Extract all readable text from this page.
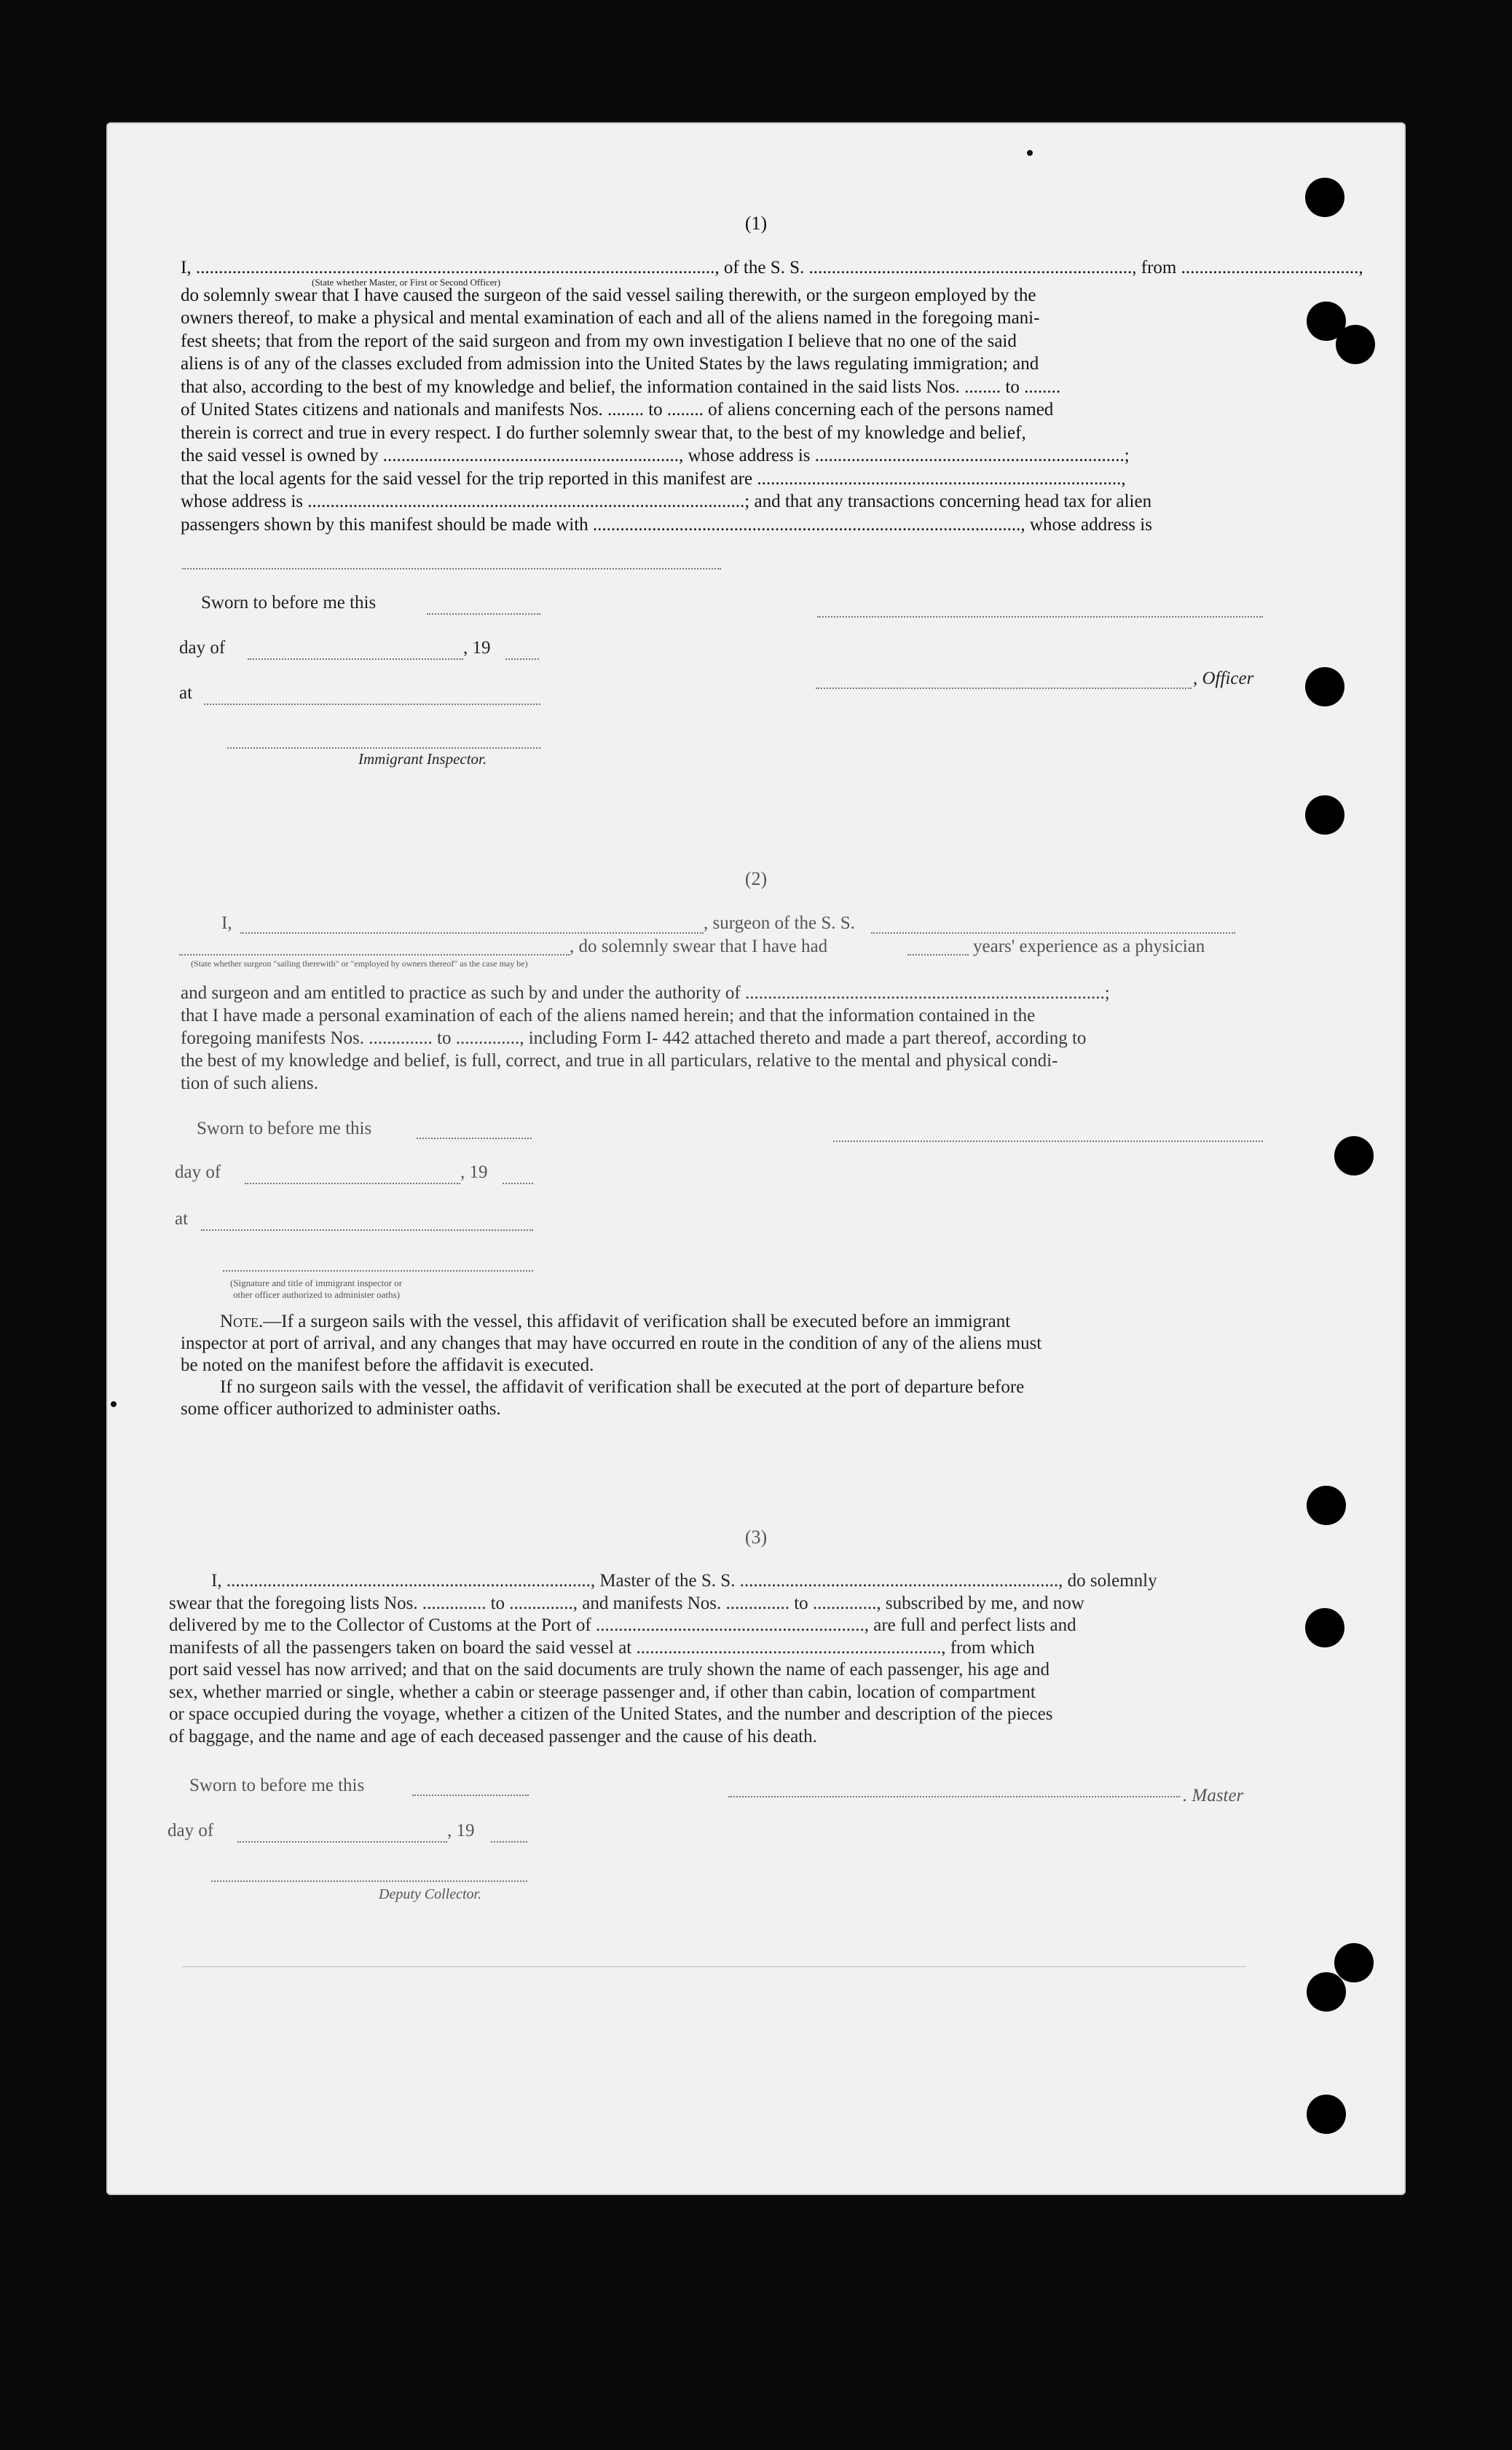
(1)
I, .................................................................................................................., of the S. S. ......................................................................., from .......................................,
do solemnly swear that I have caused the surgeon of the said vessel sailing therewith, or the surgeon employed by the
owners thereof, to make a physical and mental examination of each and all of the aliens named in the foregoing mani-
fest sheets; that from the report of the said surgeon and from my own investigation I believe that no one of the said
aliens is of any of the classes excluded from admission into the United States by the laws regulating immigration; and
that also, according to the best of my knowledge and belief, the information contained in the said lists Nos. ........ to ........
of United States citizens and nationals and manifests Nos. ........ to ........ of aliens concerning each of the persons named
therein is correct and true in every respect. I do further solemnly swear that, to the best of my knowledge and belief,
the said vessel is owned by ................................................................., whose address is ....................................................................;
that the local agents for the said vessel for the trip reported in this manifest are ................................................................................,
whose address is ................................................................................................; and that any transactions concerning head tax for alien
passengers shown by this manifest should be made with .............................................................................................., whose address is
(State whether Master, or First or Second Officer)
Sworn to before me this
day of	, 19
, Officer
at
Immigrant Inspector.
(2)
I,	, surgeon of the S. S.
, do solemnly swear that I have had	years' experience as a physician
(State whether surgeon "sailing therewith" or "employed by owners thereof" as the case may be)
and surgeon and am entitled to practice as such by and under the authority of ...............................................................................;
that I have made a personal examination of each of the aliens named herein; and that the information contained in the
foregoing manifests Nos. .............. to .............., including Form I- 442 attached thereto and made a part thereof, according to
the best of my knowledge and belief, is full, correct, and true in all particulars, relative to the mental and physical condi-
tion of such aliens.
Sworn to before me this
day of	, 19
at
(Signature and title of immigrant inspector or
other officer authorized to administer oaths)
Note.—If a surgeon sails with the vessel, this affidavit of verification shall be executed before an immigrant
inspector at port of arrival, and any changes that may have occurred en route in the condition of any of the aliens must
be noted on the manifest before the affidavit is executed.
If no surgeon sails with the vessel, the affidavit of verification shall be executed at the port of departure before
some officer authorized to administer oaths.
(3)
I, ................................................................................, Master of the S. S. ......................................................................, do solemnly
swear that the foregoing lists Nos. .............. to .............., and manifests Nos. .............. to .............., subscribed by me, and now
delivered by me to the Collector of Customs at the Port of ..........................................................., are full and perfect lists and
manifests of all the passengers taken on board the said vessel at ..................................................................., from which
port said vessel has now arrived; and that on the said documents are truly shown the name of each passenger, his age and
sex, whether married or single, whether a cabin or steerage passenger and, if other than cabin, location of compartment
or space occupied during the voyage, whether a citizen of the United States, and the number and description of the pieces
of baggage, and the name and age of each deceased passenger and the cause of his death.
Sworn to before me this
. Master
day of	, 19
Deputy Collector.
